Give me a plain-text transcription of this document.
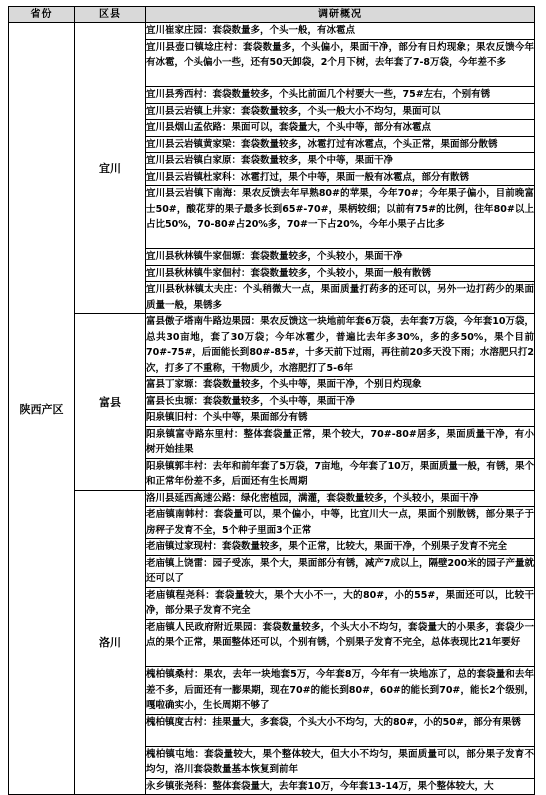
省份	区县	调研概况
陕西产区	宜川	宜川崔家庄园：套袋数量多，个头一般，有冰雹点

		宜川县壶口镇埝庄村：套袋数量多，个头偏小，果面干净，部分有日灼现象；果农反馈今年有冰雹，个头偏小一些，还有50天卸袋，2个月下树，去年套了7-8万袋，今年差不多

		宜川县秀西村：套袋数量较多，个头比前面几个村要大一些，75#左右，个别有锈

		宜川县云岩镇上井家：套袋数量较多，个头一般大小不均匀，果面可以

		宜川县烟山孟依路：果面可以，套袋量大，个头中等，部分有冰雹点

		宜川县云岩镇黄家梁：套袋数量较多，冰雹打过有冰雹点，个头正常，果面部分散锈

		宜川县云岩镇白家原：套袋数量较多，果个中等，果面干净

		宜川县云岩镇杜家科：冰雹打过，果个中等，果面一般有冰雹点，部分有散锈

		宜川县云岩镇下南海：果农反馈去年早熟80#的苹果，今年70#；今年果子偏小，目前晚富士50#，酸花芽的果子最多长到65#-70#，果柄较细；以前有75#的比例，往年80#以上占比50%，70-80#占20%多，70#一下占20%，今年小果子占比多

		宜川县秋林镇牛家佃塬：套袋数量较多，个头较小，果面干净

		宜川县秋林镇牛家佃村：套袋数量较多，个头较小，果面一般有散锈

		宜川县秋林镇太夫庄：个头稍微大一点，果面质量打药多的还可以，另外一边打药少的果面质量一般，果锈多

	富县	富县傲子塔南牛路边果园：果农反馈这一块地前年套6万袋，去年套7万袋，今年套10万袋，总共30亩地，套了30万袋；今年冰雹少，普遍比去年多30%，多的多50%，果个目前70#-75#，后面能长到80#-85#，十多天前下过雨，再往前20多天没下雨；水溶肥只打2次，打多了不重称，干物质少，水溶肥打了5-6年

		富县丁家塬：套袋数量较多，个头中等，果面干净，个别日灼现象

		富县长虫塬：套袋数量较多，个头中等，果面干净

		阳泉镇旧村：个头中等，果面部分有锈

		阳泉镇富寺路东里村：整体套袋量正常，果个较大，70#-80#居多，果面质量干净，有小树开始挂果

		阳泉镇郭丰村：去年和前年套了5万袋，7亩地，今年套了10万，果面质量一般，有锈，果个和正常年份差不多，后面还有生长周期

	洛川	洛川县延西高速公路：绿化密植园，满灌，套袋数量较多，个头较小，果面干净

		老庙镇南韩村：套袋量可以，果个偏小，中等，比宜川大一点，果面个别散锈，部分果子于房秤子发育不全，5个种子里面3个正常

		老庙镇过家现村：套袋数量较多，果个正常，比较大，果面干净，个别果子发育不完全

		老庙镇上饶雷：园子受冻，果个大，果面部分有锈，减产7成以上，隔壁200米的园子产量就还可以了

		老庙镇程尧科：套袋量较大，果个大小不一，大的80#，小的55#，果面还可以，比较干净，部分果子发育不完全

		老庙镇人民政府附近果园：套袋数量较多，个头大小不均匀，套袋量大的小果多，套袋少一点的果个正常，果面整体还可以，个别有锈，个别果子发育不完全，总体表现比21年要好

		槐柏镇桑村：果农，去年一块地套5万，今年套8万，今年有一块地冻了，总的套袋量和去年差不多，后面还有一膨果期，现在70#的能长到80#，60#的能长到70#，能长2个级别，嘎啦确实小，生长周期不够了

		槐柏镇度古村：挂果量大，多套袋，个头大小不均匀，大的80#，小的50#，部分有果锈

		槐柏镇屯地：套袋量较大，果个整体较大，但大小不均匀，果面质量可以，部分果子发育不均匀，洛川套袋数量基本恢复到前年

		永乡镇张尧科：整体套袋量大，去年套10万，今年套13-14万，果个整体较大，大
